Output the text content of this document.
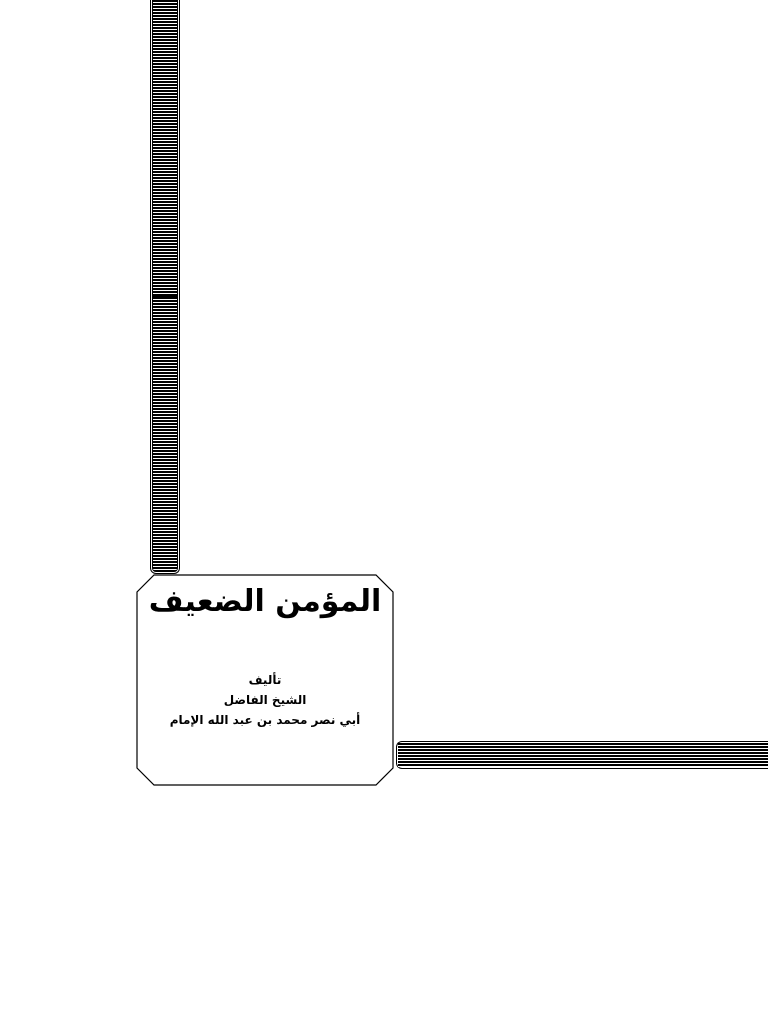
المؤمن الضعيف
تأليف
الشيخ الفاضل
أبي نصر محمد بن عبد الله الإمام
